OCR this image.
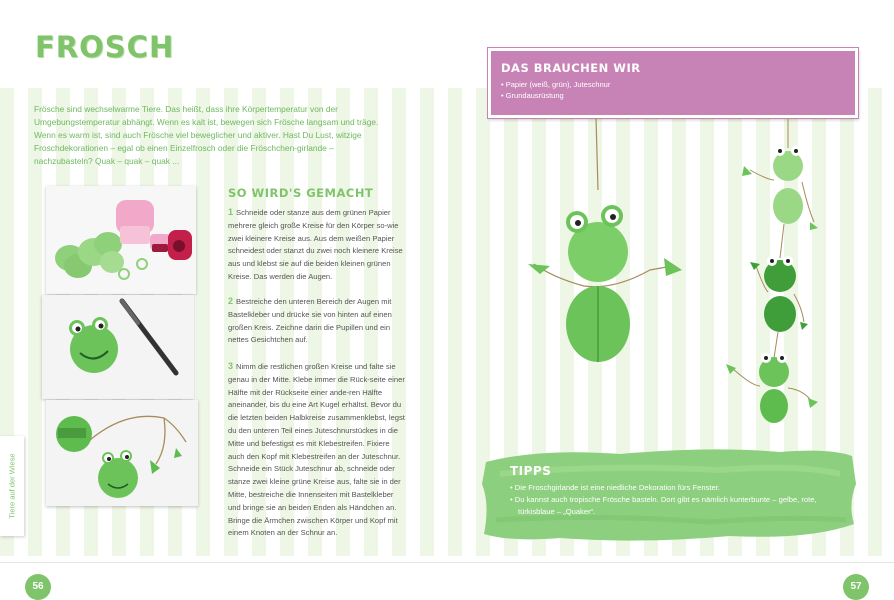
FROSCH

Frösche sind wechselwarme Tiere. Das heißt, dass ihre Körpertemperatur von der Umgebungstemperatur abhängt. Wenn es kalt ist, bewegen sich Frösche langsam und träge. Wenn es warm ist, sind auch Frösche viel beweglicher und aktiver. Hast Du Lust, witzige Froschdekorationen – egal ob einen Einzelfrosch oder die Fröschchen-girlande – nachzubasteln? Quak – quak – quak ...

SO WIRD'S GEMACHT

1 Schneide oder stanze aus dem grünen Papier mehrere gleich große Kreise für den Körper so-wie zwei kleinere Kreise aus. Aus dem weißen Papier schneidest oder stanzt du zwei noch kleinere Kreise aus und klebst sie auf die beiden kleinen grünen Kreise. Das werden die Augen.

2 Bestreiche den unteren Bereich der Augen mit Bastelkleber und drücke sie von hinten auf einen großen Kreis. Zeichne darin die Pupillen und ein nettes Gesichtchen auf.

3 Nimm die restlichen großen Kreise und falte sie genau in der Mitte. Klebe immer die Rück-seite einer Hälfte mit der Rückseite einer ande-ren Hälfte aneinander, bis du eine Art Kugel erhältst. Bevor du die letzten beiden Halbkreise zusammenklebst, legst du den unteren Teil eines Juteschnurstückes in die Mitte und befestigst es mit Klebestreifen. Fixiere auch den Kopf mit Klebestreifen an der Juteschnur. Schneide ein Stück Juteschnur ab, schneide oder stanze zwei kleine grüne Kreise aus, falte sie in der Mitte, bestreiche die Innenseiten mit Bastelkleber und bringe sie an beiden Enden als Händchen an. Bringe die Ärmchen zwischen Körper und Kopf mit einem Knoten an der Schnur an.

Tiere auf der Wiese
56
DAS BRAUCHEN WIR
• Papier (weiß, grün), Juteschnur
• Grundausrüstung
TIPPS
• Die Froschgirlande ist eine niedliche Dekoration fürs Fenster.
• Du kannst auch tropische Frösche basteln. Dort gibt es nämlich kunterbunte – gelbe, rote, türkisblaue – „Quaker“.
57
